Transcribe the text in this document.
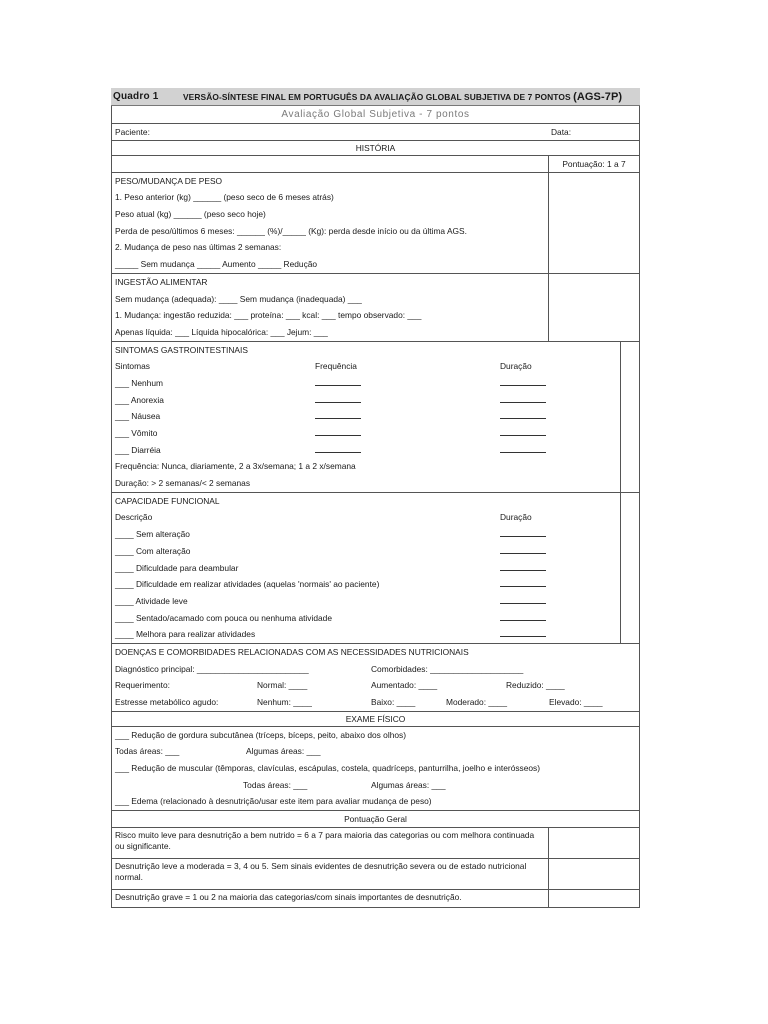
Quadro 1	VERSÃO-SÍNTESE FINAL EM PORTUGUÊS DA AVALIAÇÃO GLOBAL SUBJETIVA DE 7 PONTOS (AGS-7P)
Avaliação Global Subjetiva - 7 pontos
Paciente:	Data:
HISTÓRIA
Pontuação: 1 a 7
PESO/MUDANÇA DE PESO
1. Peso anterior (kg) ______ (peso seco de 6 meses atrás)
Peso atual (kg) ______ (peso seco hoje)
Perda de peso/últimos 6 meses: ______ (%)/_____ (Kg): perda desde início ou da última AGS.
2. Mudança de peso nas últimas 2 semanas:
_____ Sem mudança _____ Aumento _____ Redução
INGESTÃO ALIMENTAR
Sem mudança (adequada): ____ Sem mudança (inadequada) ___
1. Mudança: ingestão reduzida: ___ proteína: ___ kcal: ___ tempo observado: ___
Apenas líquida: ___ Líquida hipocalórica: ___ Jejum: ___
SINTOMAS GASTROINTESTINAIS
Sintomas	Frequência	Duração
___ Nenhum
___ Anorexia
___ Náusea
___ Vômito
___ Diarréia
Frequência: Nunca, diariamente, 2 a 3x/semana; 1 a 2 x/semana
Duração: > 2 semanas/< 2 semanas
CAPACIDADE FUNCIONAL
Descrição	Duração
____ Sem alteração
____ Com alteração
____ Dificuldade para deambular
____ Dificuldade em realizar atividades (aquelas 'normais' ao paciente)
____ Atividade leve
____ Sentado/acamado com pouca ou nenhuma atividade
____ Melhora para realizar atividades
DOENÇAS E COMORBIDADES RELACIONADAS COM AS NECESSIDADES NUTRICIONAIS
Diagnóstico principal: ________________________	Comorbidades: ____________________
Requerimento:	Normal: ____	Aumentado: ____	Reduzido: ____
Estresse metabólico agudo:	Nenhum: ____	Baixo: ____	Moderado: ____	Elevado: ____
EXAME FÍSICO
___ Redução de gordura subcutânea (tríceps, bíceps, peito, abaixo dos olhos)
Todas áreas: ___	Algumas áreas: ___
___ Redução de muscular (têmporas, clavículas, escápulas, costela, quadríceps, panturrilha, joelho e interósseos)
Todas áreas: ___	Algumas áreas: ___
___ Edema (relacionado à desnutrição/usar este item para avaliar mudança de peso)
Pontuação Geral
Risco muito leve para desnutrição a bem nutrido = 6 a 7 para maioria das categorias ou com melhora continuada ou significante.
Desnutrição leve a moderada = 3, 4 ou 5. Sem sinais evidentes de desnutrição severa ou de estado nutricional normal.
Desnutrição grave = 1 ou 2 na maioria das categorias/com sinais importantes de desnutrição.
